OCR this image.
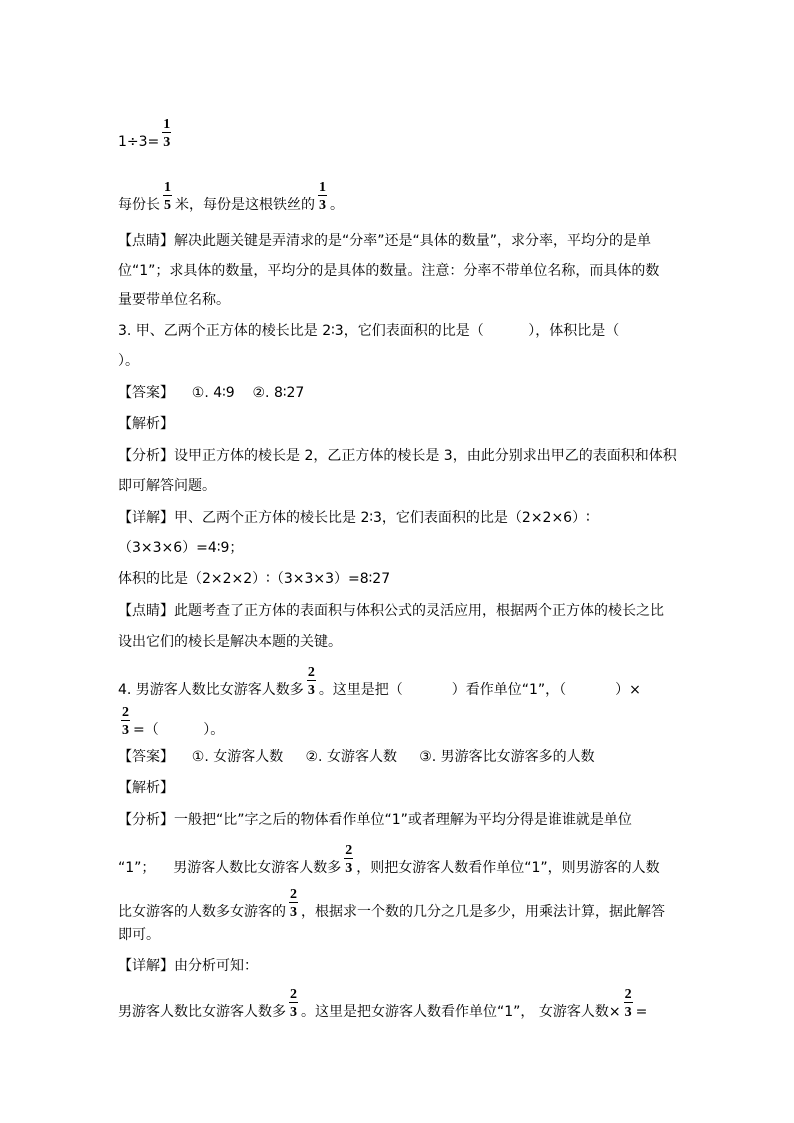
$1\div 3= \frac{1}{3}$
每份长 $\frac{1}{5}$ 米，每份是这根铁丝的 $\frac{1}{3}$ 。
【点睛】解决此题关键是弄清求的是“分率”还是“具体的数量”，求分率，平均分的是单
位“1”；求具体的数量，平均分的是具体的数量。注意：分率不带单位名称，而具体的数
量要带单位名称。
3. 甲、乙两个正方体的棱长比是 2∶3，它们表面积的比是（          ），体积比是（
）。
【答案】    ①. 4∶9    ②. 8∶27
【解析】
【分析】设甲正方体的棱长是 2，乙正方体的棱长是 3，由此分别求出甲乙的表面积和体积
即可解答问题。
【详解】甲、乙两个正方体的棱长比是 2∶3，它们表面积的比是（2×2×6）∶
（3×3×6）=4∶9；
体积的比是（2×2×2）∶（3×3×3）=8∶27
【点睛】此题考查了正方体的表面积与体积公式的灵活应用，根据两个正方体的棱长之比
设出它们的棱长是解决本题的关键。
4. 男游客人数比女游客人数多 $\frac{2}{3}$ 。这里是把（           ）看作单位“1”，（           ）×
$\frac{2}{3}$ =（          ）。
【答案】    ①. 女游客人数     ②. 女游客人数     ③. 男游客比女游客多的人数
【解析】
【分析】一般把“比”字之后的物体看作单位“1”或者理解为平均分得是谁谁就是单位
“1”；    男游客人数比女游客人数多 $\frac{2}{3}$ ，则把女游客人数看作单位“1”，则男游客的人数
比女游客的人数多女游客的 $\frac{2}{3}$ ，根据求一个数的几分之几是多少，用乘法计算，据此解答
即可。
【详解】由分析可知：
男游客人数比女游客人数多 $\frac{2}{3}$ 。这里是把女游客人数看作单位“1”， 女游客人数× $\frac{2}{3}$ =
